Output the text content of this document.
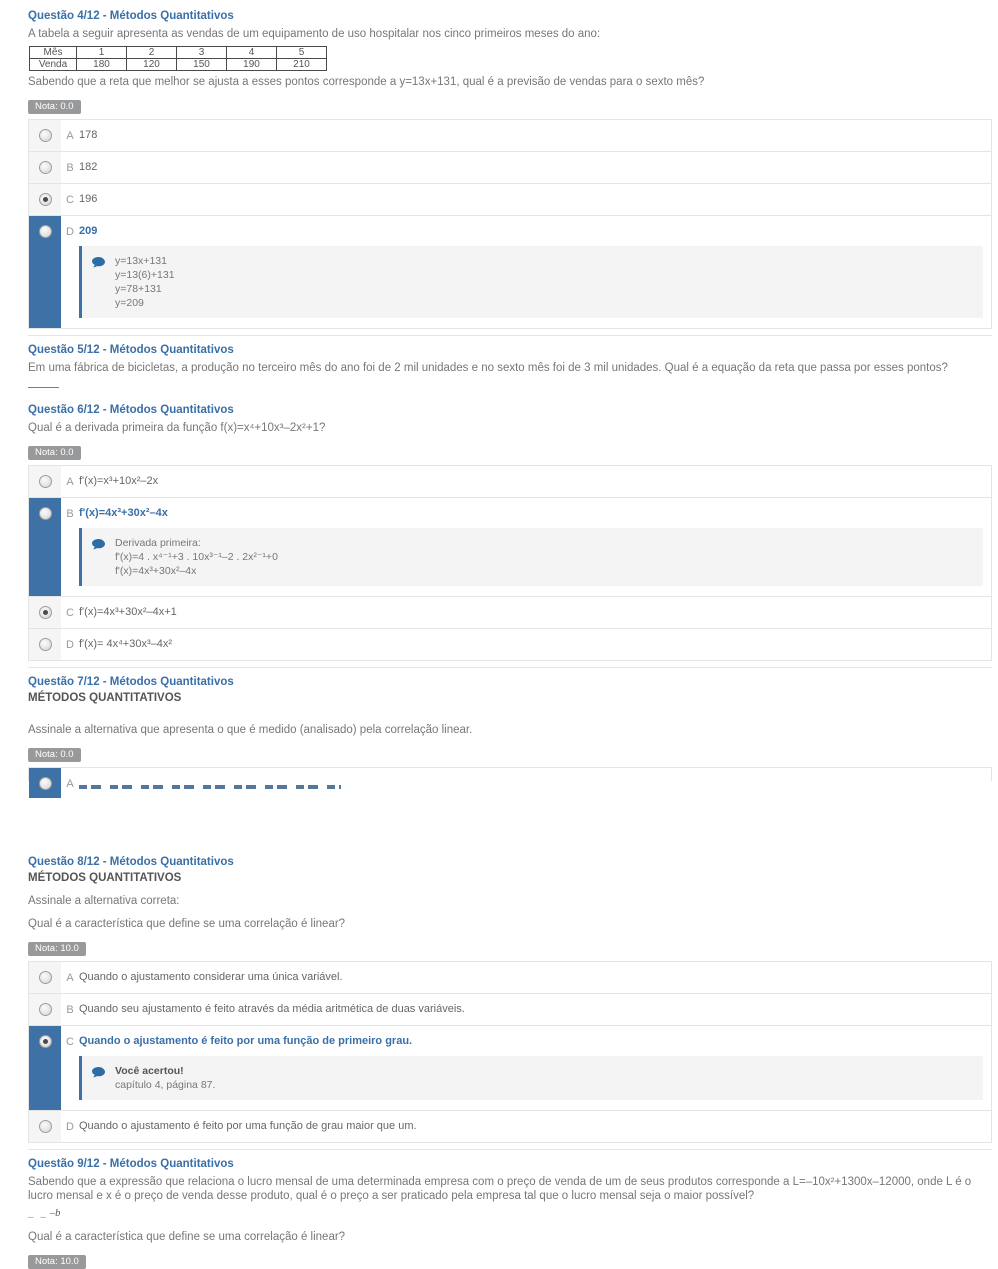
Questão 4/12 - Métodos Quantitativos
A tabela a seguir apresenta as vendas de um equipamento de uso hospitalar nos cinco primeiros meses do ano:
Mês	1	2	3	4	5
Venda	180	120	150	190	210
Sabendo que a reta que melhor se ajusta a esses pontos corresponde a y=13x+131, qual é a previsão de vendas para o sexto mês?
Nota: 0.0
A 178
B 182
C 196
D 209
y=13x+131
y=13(6)+131
y=78+131
y=209
Questão 5/12 - Métodos Quantitativos
Em uma fábrica de bicicletas, a produção no terceiro mês do ano foi de 2 mil unidades e no sexto mês foi de 3 mil unidades. Qual é a equação da reta que passa por esses pontos?
Questão 6/12 - Métodos Quantitativos
Qual é a derivada primeira da função f(x)=x⁴+10x³–2x²+1?
Nota: 0.0
A f'(x)=x³+10x²–2x
B f'(x)=4x³+30x²–4x
Derivada primeira:
f'(x)=4 . x⁴⁻¹+3 . 10x³⁻¹–2 . 2x²⁻¹+0
f'(x)=4x³+30x²–4x
C f'(x)=4x³+30x²–4x+1
D f'(x)= 4x⁴+30x³–4x²
Questão 7/12 - Métodos Quantitativos
MÉTODOS QUANTITATIVOS
Assinale a alternativa que apresenta o que é medido (analisado) pela correlação linear.
Nota: 0.0
A
Questão 8/12 - Métodos Quantitativos
MÉTODOS QUANTITATIVOS
Assinale a alternativa correta:
Qual é a característica que define se uma correlação é linear?
Nota: 10.0
A Quando o ajustamento considerar uma única variável.
B Quando seu ajustamento é feito através da média aritmética de duas variáveis.
C Quando o ajustamento é feito por uma função de primeiro grau.
Você acertou!
capítulo 4, página 87.
D Quando o ajustamento é feito por uma função de grau maior que um.
Questão 9/12 - Métodos Quantitativos
Sabendo que a expressão que relaciona o lucro mensal de uma determinada empresa com o preço de venda de um de seus produtos corresponde a L=–10x²+1300x–12000, onde L é o lucro mensal e x é o preço de venda desse produto, qual é o preço a ser praticado pela empresa tal que o lucro mensal seja o maior possível?
– – $^{-b}$
Qual é a característica que define se uma correlação é linear?
Nota: 10.0
